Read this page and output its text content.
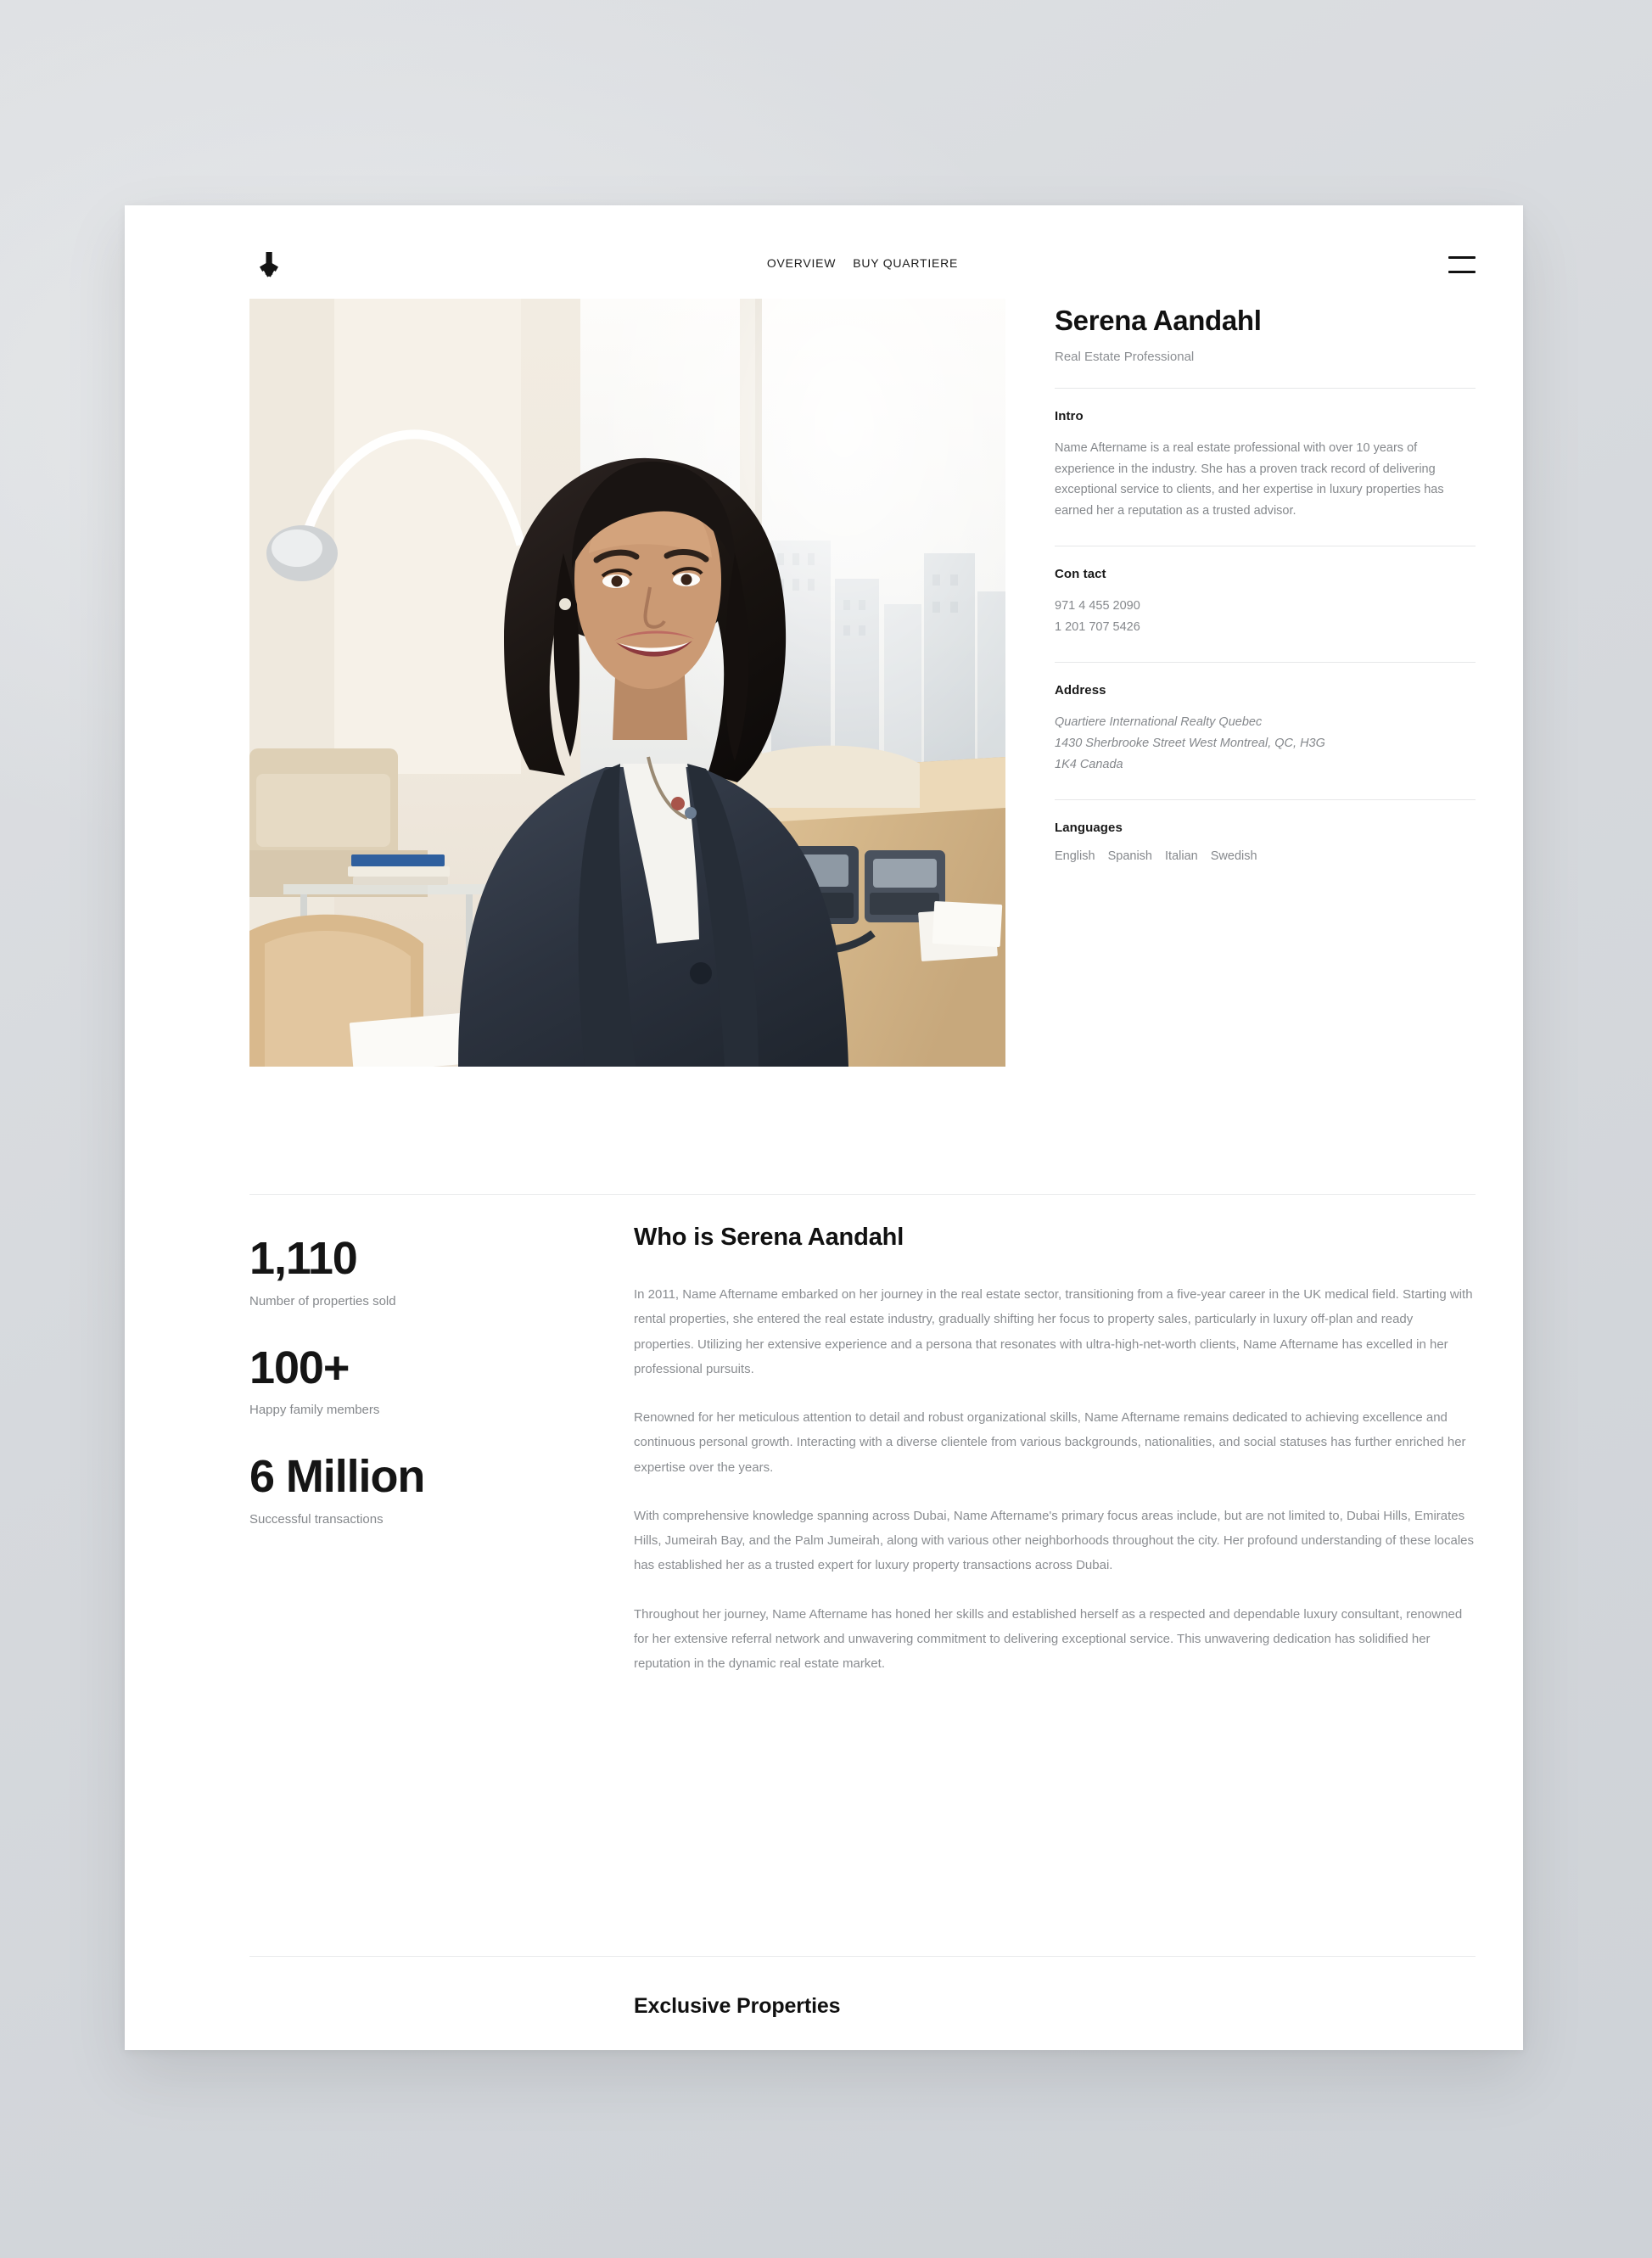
OVERVIEW BUY QUARTIERE
Serena Aandahl
Real Estate Professional
Intro
Name Aftername is a real estate professional with over 10 years of experience in the industry. She has a proven track record of delivering exceptional service to clients, and her expertise in luxury properties has earned her a reputation as a trusted advisor.
Con tact
971 4 455 2090
1 201 707 5426
Address
Quartiere International Realty Quebec
1430 Sherbrooke Street West Montreal, QC, H3G
1K4 Canada
Languages
English Spanish Italian Swedish
1,110
Number of properties sold
100+
Happy family members
6 Million
Successful transactions
Who is Serena Aandahl

In 2011, Name Aftername embarked on her journey in the real estate sector, transitioning from a five-year career in the UK medical field. Starting with rental properties, she entered the real estate industry, gradually shifting her focus to property sales, particularly in luxury off-plan and ready properties. Utilizing her extensive experience and a persona that resonates with ultra-high-net-worth clients, Name Aftername has excelled in her professional pursuits.

Renowned for her meticulous attention to detail and robust organizational skills, Name Aftername remains dedicated to achieving excellence and continuous personal growth. Interacting with a diverse clientele from various backgrounds, nationalities, and social statuses has further enriched her expertise over the years.

With comprehensive knowledge spanning across Dubai, Name Aftername's primary focus areas include, but are not limited to, Dubai Hills, Emirates Hills, Jumeirah Bay, and the Palm Jumeirah, along with various other neighborhoods throughout the city. Her profound understanding of these locales has established her as a trusted expert for luxury property transactions across Dubai.

Throughout her journey, Name Aftername has honed her skills and established herself as a respected and dependable luxury consultant, renowned for her extensive referral network and unwavering commitment to delivering exceptional service. This unwavering dedication has solidified her reputation in the dynamic real estate market.

Exclusive Properties
